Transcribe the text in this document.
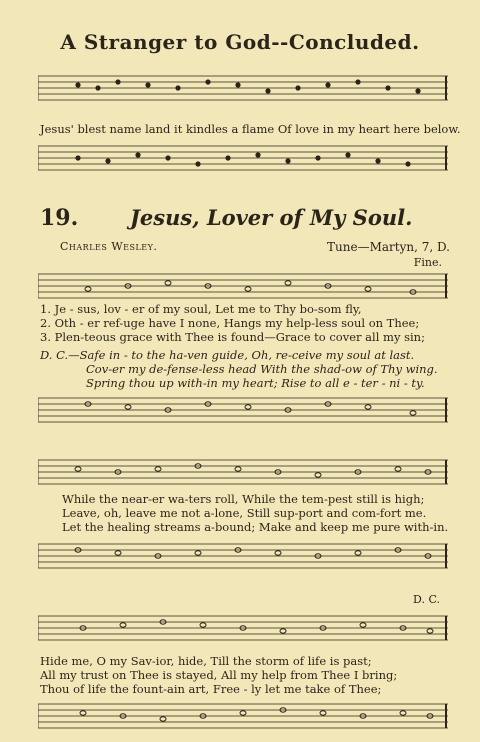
A Stranger to God--Concluded.
Jesus' blest name land it kindles a flame Of love in my heart here below.
19. Jesus, Lover of My Soul.
Charles Wesley.	Tune—Martyn, 7, D.
Fine.
1. Je - sus, lov - er of my soul, Let me to Thy bo-som fly,
2. Oth - er ref-uge have I none, Hangs my help-less soul on Thee;
3. Plen-teous grace with Thee is found—Grace to cover all my sin;
D. C.—Safe in - to the ha-ven guide, Oh, re-ceive my soul at last.
Cov-er my de-fense-less head With the shad-ow of Thy wing.
Spring thou up with-in my heart; Rise to all e - ter - ni - ty.
While the near-er wa-ters roll, While the tem-pest still is high;
Leave, oh, leave me not a-lone, Still sup-port and com-fort me.
Let the healing streams a-bound; Make and keep me pure with-in.
D. C.
Hide me, O my Sav-ior, hide, Till the storm of life is past;
All my trust on Thee is stayed, All my help from Thee I bring;
Thou of life the fount-ain art, Free - ly let me take of Thee;
